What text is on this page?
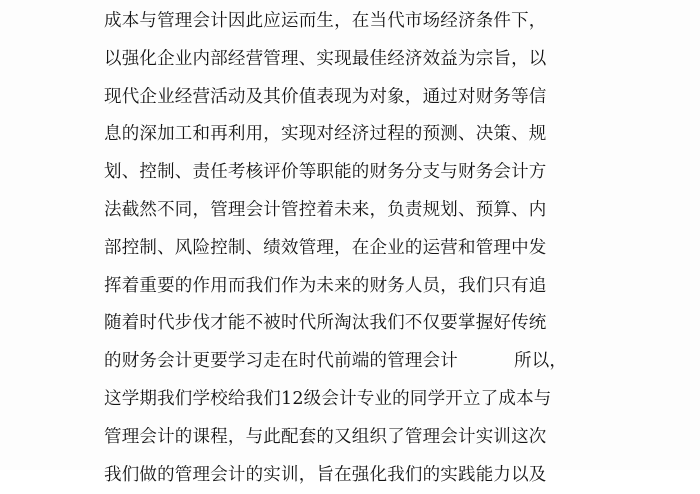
成本与管理会计因此应运而生，在当代市场经济条件下，
以强化企业内部经营管理、实现最佳经济效益为宗旨，以
现代企业经营活动及其价值表现为对象，通过对财务等信
息的深加工和再利用，实现对经济过程的预测、决策、规
划、控制、责任考核评价等职能的财务分支与财务会计方
法截然不同，管理会计管控着未来，负责规划、预算、内
部控制、风险控制、绩效管理，在企业的运营和管理中发
挥着重要的作用而我们作为未来的财务人员，我们只有追
随着时代步伐才能不被时代所淘汰我们不仅要掌握好传统
的财务会计更要学习走在时代前端的管理会计	所以，
这学期我们学校给我们12级会计专业的同学开立了成本与
管理会计的课程，与此配套的又组织了管理会计实训这次
我们做的管理会计的实训，旨在强化我们的实践能力以及
